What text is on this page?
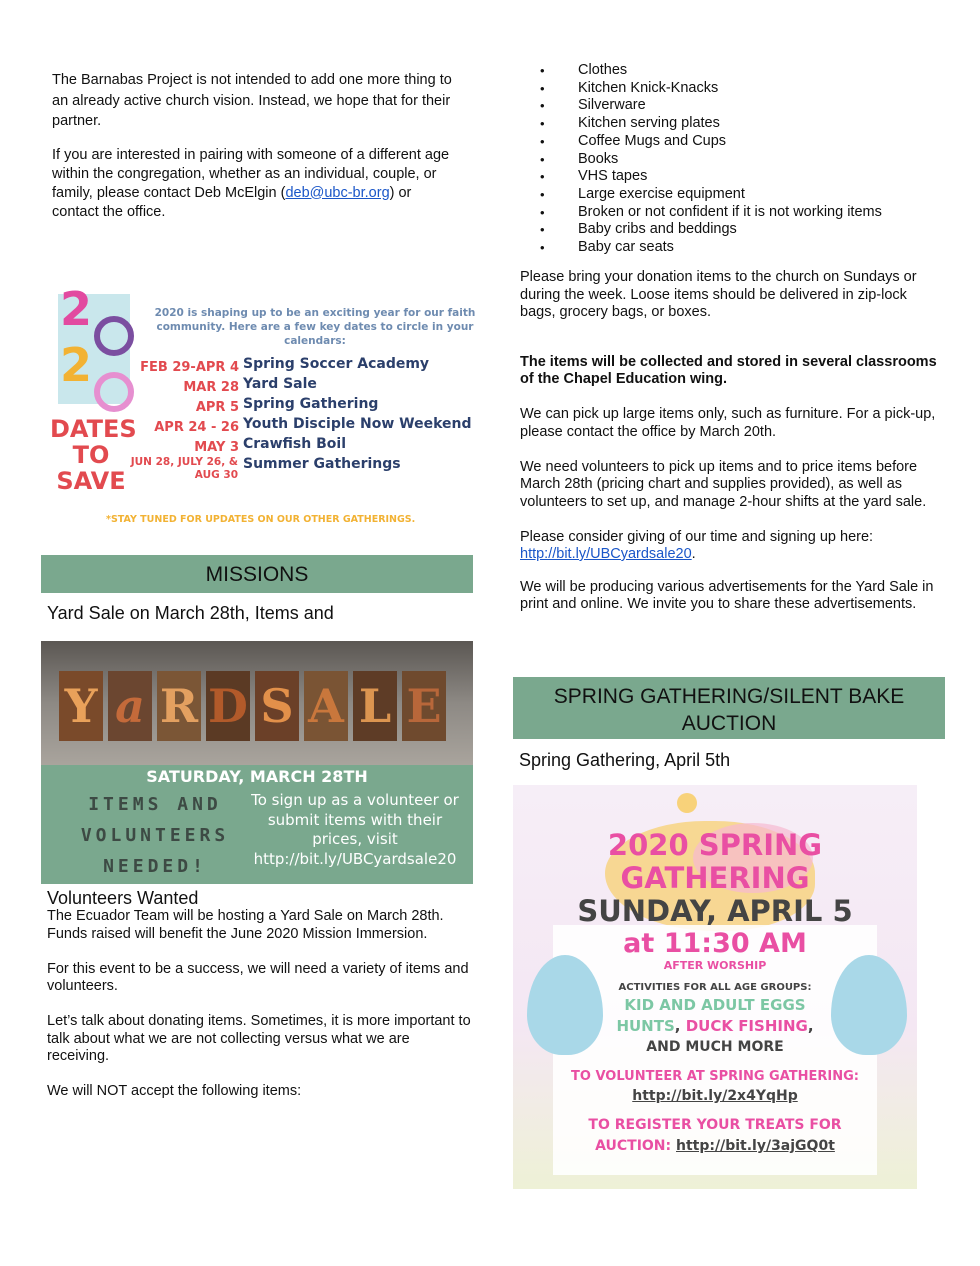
The Barnabas Project is not intended to add one more thing to an already active church vision. Instead, we hope that for their partner.

If you are interested in pairing with someone of a different age within the congregation, whether as an individual, couple, or family, please contact Deb McElgin (deb@ubc-br.org) or contact the office.

2
2
DATES
TO
SAVE
2020 is shaping up to be an exciting year for our faith community. Here are a few key dates to circle in your calendars:
FEB 29-APR 4 Spring Soccer Academy
MAR 28 Yard Sale
APR 5 Spring Gathering
APR 24 - 26 Youth Disciple Now Weekend
MAY 3 Crawfish Boil
JUN 28, JULY 26, & AUG 30
Summer Gatherings
*STAY TUNED FOR UPDATES ON OUR OTHER GATHERINGS.
MISSIONS
Yard Sale on March 28th, Items and
Y a R D S A L E
SATURDAY, MARCH 28TH
ITEMS AND
VOLUNTEERS
NEEDED!
To sign up as a volunteer or submit items with their prices, visit
http://bit.ly/UBCyardsale20
Volunteers Wanted

The Ecuador Team will be hosting a Yard Sale on March 28th. Funds raised will benefit the June 2020 Mission Immersion.

For this event to be a success, we will need a variety of items and volunteers.

Let’s talk about donating items. Sometimes, it is more important to talk about what we are not collecting versus what we are receiving.

We will NOT accept the following items:

• Clothes
• Kitchen Knick-Knacks
• Silverware
• Kitchen serving plates
• Coffee Mugs and Cups
• Books
• VHS tapes
• Large exercise equipment
• Broken or not confident if it is not working items
• Baby cribs and beddings
• Baby car seats

Please bring your donation items to the church on Sundays or during the week. Loose items should be delivered in zip-lock bags, grocery bags, or boxes.

The items will be collected and stored in several classrooms of the Chapel Education wing.

We can pick up large items only, such as furniture. For a pick-up, please contact the office by March 20th.

We need volunteers to pick up items and to price items before March 28th (pricing chart and supplies provided), as well as volunteers to set up, and manage 2-hour shifts at the yard sale.

Please consider giving of our time and signing up here:
http://bit.ly/UBCyardsale20.

We will be producing various advertisements for the Yard Sale in print and online. We invite you to share these advertisements.

SPRING GATHERING/SILENT BAKE
AUCTION
Spring Gathering, April 5th
2020 SPRING
GATHERING
SUNDAY, APRIL 5
at 11:30 AM
AFTER WORSHIP
ACTIVITIES FOR ALL AGE GROUPS:
KID AND ADULT EGGS
HUNTS, DUCK FISHING,
AND MUCH MORE
TO VOLUNTEER AT SPRING GATHERING:
http://bit.ly/2x4YqHp
TO REGISTER YOUR TREATS FOR
AUCTION: http://bit.ly/3ajGQ0t
